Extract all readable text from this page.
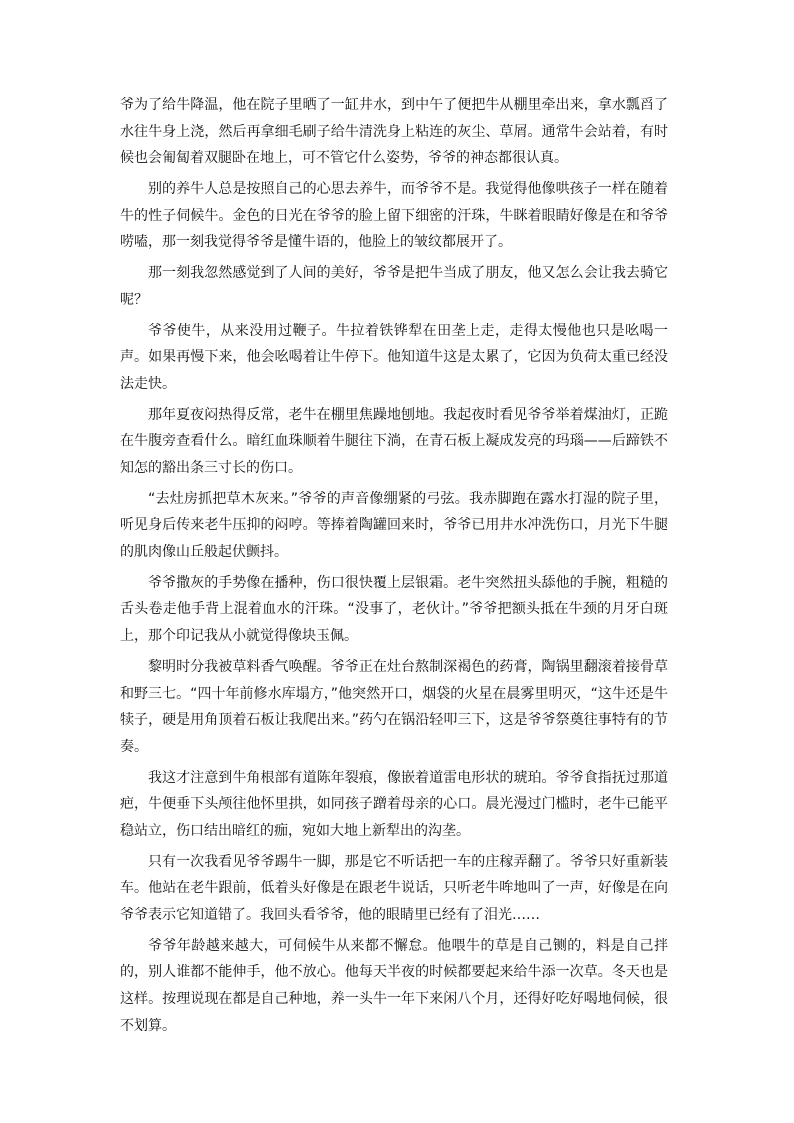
爷为了给牛降温，他在院子里晒了一缸井水，到中午了便把牛从棚里牵出来，拿水瓢舀了水往牛身上浇，然后再拿细毛刷子给牛清洗身上粘连的灰尘、草屑。通常牛会站着，有时候也会匍匐着双腿卧在地上，可不管它什么姿势，爷爷的神态都很认真。

别的养牛人总是按照自己的心思去养牛，而爷爷不是。我觉得他像哄孩子一样在随着牛的性子伺候牛。金色的日光在爷爷的脸上留下细密的汗珠，牛眯着眼睛好像是在和爷爷唠嗑，那一刻我觉得爷爷是懂牛语的，他脸上的皱纹都展开了。

那一刻我忽然感觉到了人间的美好，爷爷是把牛当成了朋友，他又怎么会让我去骑它呢？

爷爷使牛，从来没用过鞭子。牛拉着铁铧犁在田垄上走，走得太慢他也只是吆喝一声。如果再慢下来，他会吆喝着让牛停下。他知道牛这是太累了，它因为负荷太重已经没法走快。

那年夏夜闷热得反常，老牛在棚里焦躁地刨地。我起夜时看见爷爷举着煤油灯，正跪在牛腹旁查看什么。暗红血珠顺着牛腿往下淌，在青石板上凝成发亮的玛瑙——后蹄铁不知怎的豁出条三寸长的伤口。

“去灶房抓把草木灰来。”爷爷的声音像绷紧的弓弦。我赤脚跑在露水打湿的院子里，听见身后传来老牛压抑的闷哼。等捧着陶罐回来时，爷爷已用井水冲洗伤口，月光下牛腿的肌肉像山丘般起伏颤抖。

爷爷撒灰的手势像在播种，伤口很快覆上层银霜。老牛突然扭头舔他的手腕，粗糙的舌头卷走他手背上混着血水的汗珠。“没事了，老伙计。”爷爷把额头抵在牛颈的月牙白斑上，那个印记我从小就觉得像块玉佩。

黎明时分我被草料香气唤醒。爷爷正在灶台熬制深褐色的药膏，陶锅里翻滚着接骨草和野三七。“四十年前修水库塌方，”他突然开口，烟袋的火星在晨雾里明灭，“这牛还是牛犊子，硬是用角顶着石板让我爬出来。”药勺在锅沿轻叩三下，这是爷爷祭奠往事特有的节奏。

我这才注意到牛角根部有道陈年裂痕，像嵌着道雷电形状的琥珀。爷爷食指抚过那道疤，牛便垂下头颅往他怀里拱，如同孩子蹭着母亲的心口。晨光漫过门槛时，老牛已能平稳站立，伤口结出暗红的痂，宛如大地上新犁出的沟垄。

只有一次我看见爷爷踢牛一脚，那是它不听话把一车的庄稼弄翻了。爷爷只好重新装车。他站在老牛跟前，低着头好像是在跟老牛说话，只听老牛哞地叫了一声，好像是在向爷爷表示它知道错了。我回头看爷爷，他的眼睛里已经有了泪光……

爷爷年龄越来越大，可伺候牛从来都不懈怠。他喂牛的草是自己铡的，料是自己拌的，别人谁都不能伸手，他不放心。他每天半夜的时候都要起来给牛添一次草。冬天也是这样。按理说现在都是自己种地，养一头牛一年下来闲八个月，还得好吃好喝地伺候，很不划算。
